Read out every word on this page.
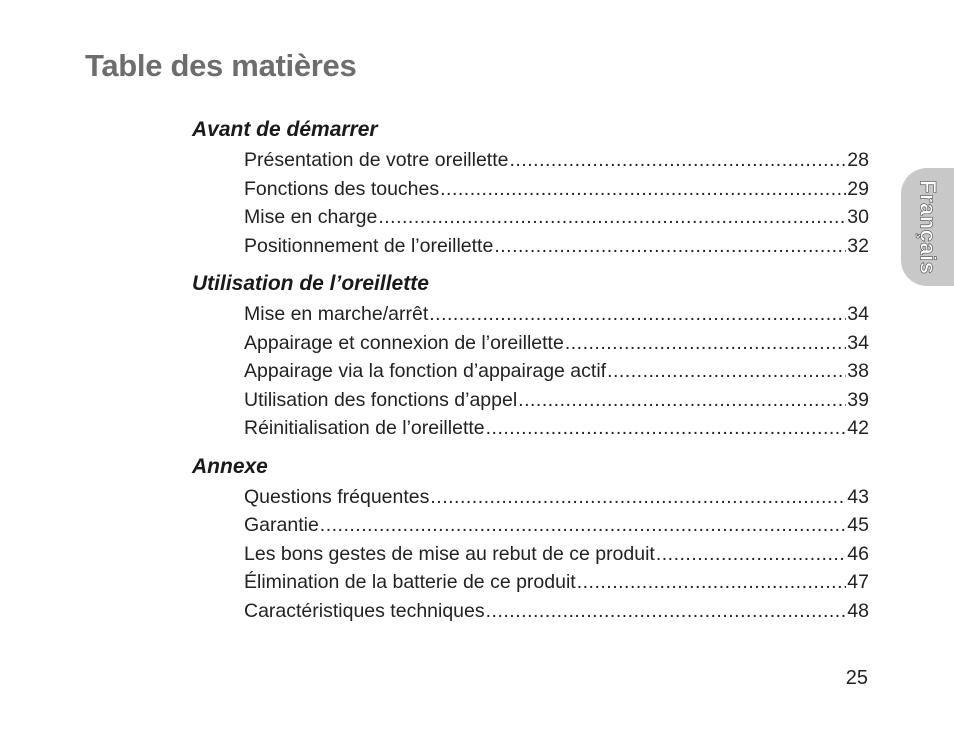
Table des matières
Avant de démarrer
Présentation de votre oreillette .....	28
Fonctions des touches .....	29
Mise en charge .....	30
Positionnement de l’oreillette .....	32
Utilisation de l’oreillette
Mise en marche/arrêt .....	34
Appairage et connexion de l’oreillette .....	34
Appairage via la fonction d’appairage actif .....	38
Utilisation des fonctions d’appel .....	39
Réinitialisation de l’oreillette .....	42
Annexe
Questions fréquentes .....	43
Garantie .....	45
Les bons gestes de mise au rebut de ce produit .....	46
Élimination de la batterie de ce produit .....	47
Caractéristiques techniques .....	48
Français
25
